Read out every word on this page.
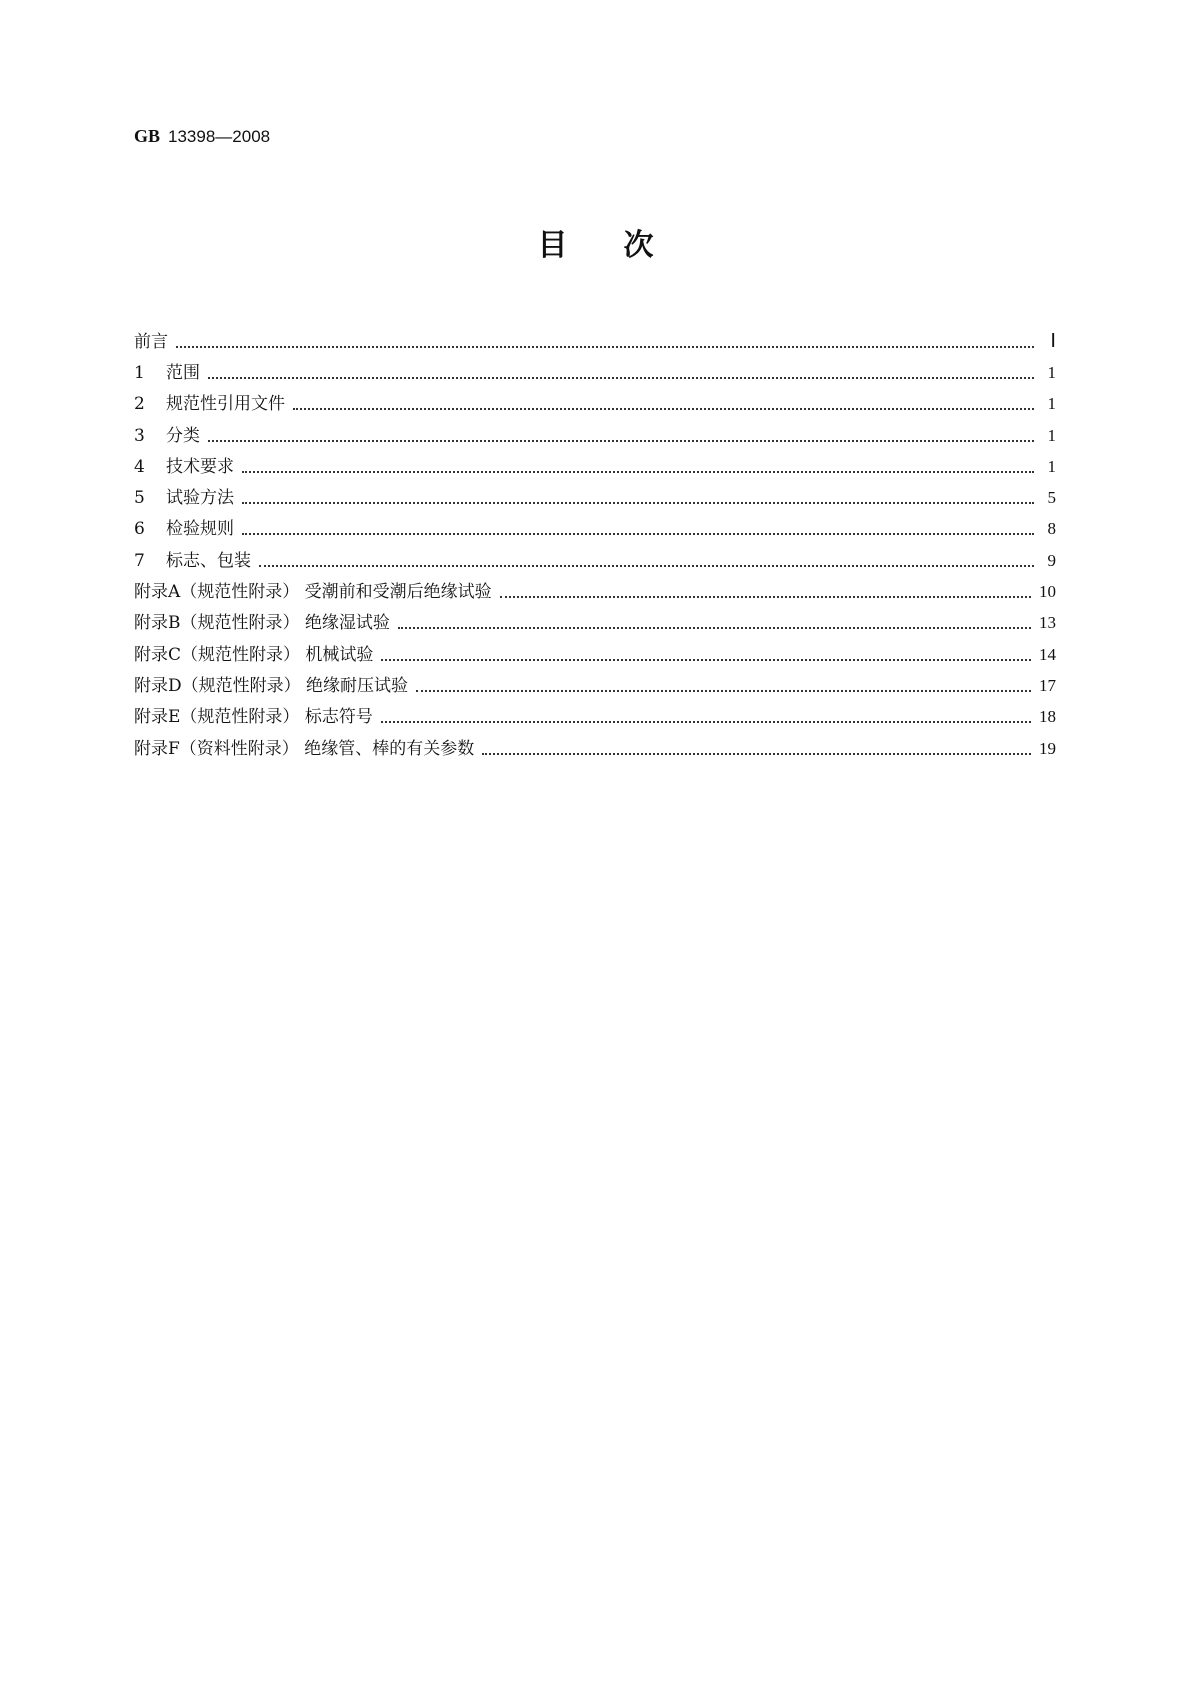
GB 13398—2008
目 次
前言	Ⅰ
1	范围	1
2	规范性引用文件	1
3	分类	1
4	技术要求	1
5	试验方法	5
6	检验规则	8
7	标志、包装	9
附录A（规范性附录） 受潮前和受潮后绝缘试验	10
附录B（规范性附录） 绝缘湿试验	13
附录C（规范性附录） 机械试验	14
附录D（规范性附录） 绝缘耐压试验	17
附录E（规范性附录） 标志符号	18
附录F（资料性附录） 绝缘管、棒的有关参数	19
